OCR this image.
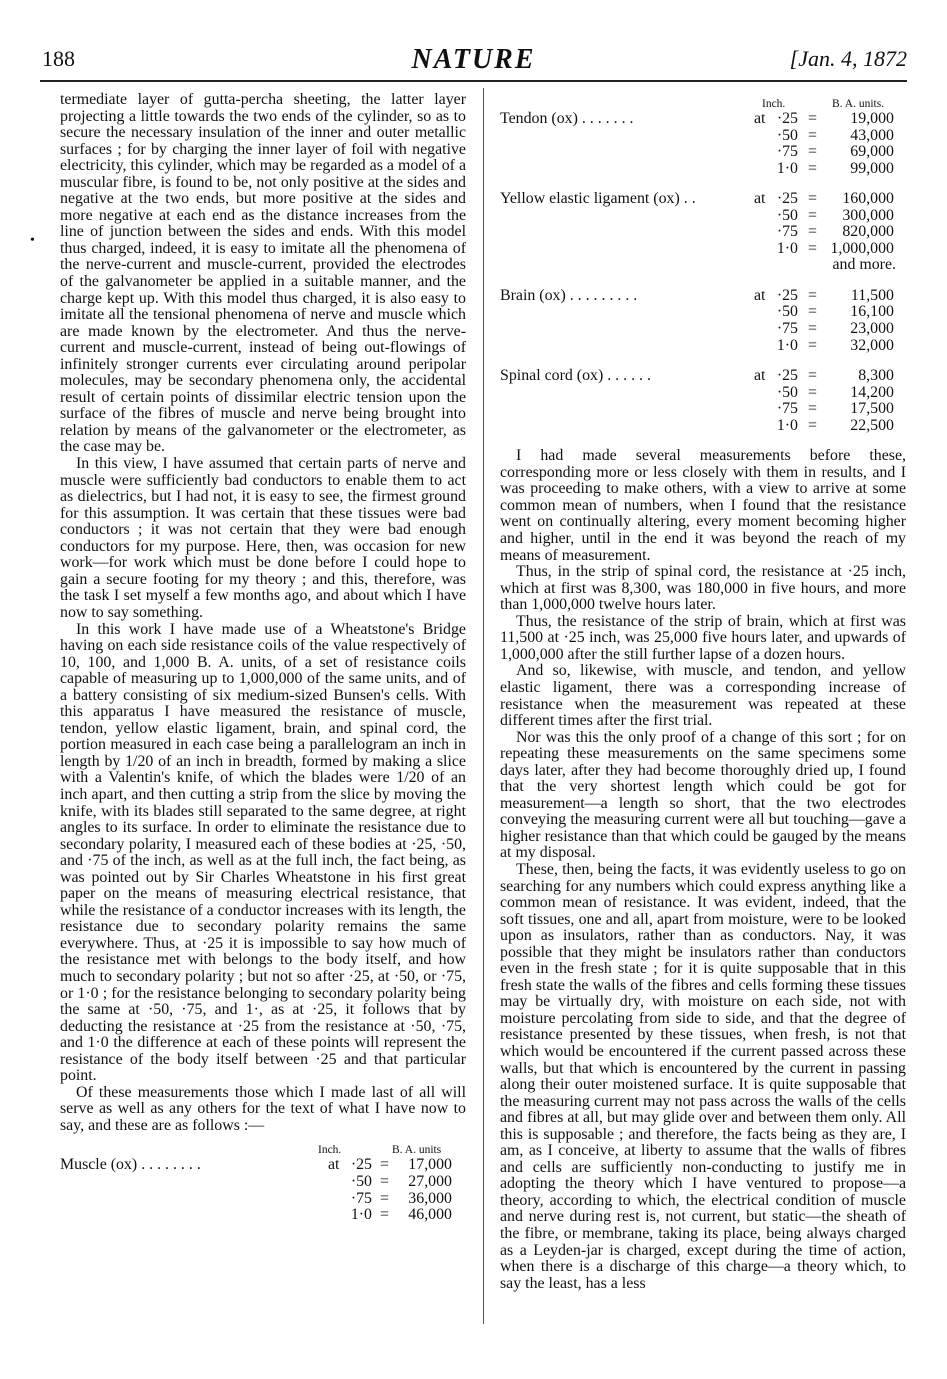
188	NATURE	[Jan. 4, 1872
•

termediate layer of gutta-percha sheeting, the latter layer projecting a little towards the two ends of the cylinder, so as to secure the necessary insulation of the inner and outer metallic surfaces ; for by charging the inner layer of foil with negative electricity, this cylinder, which may be regarded as a model of a muscular fibre, is found to be, not only positive at the sides and negative at the two ends, but more positive at the sides and more negative at each end as the distance increases from the line of junction between the sides and ends. With this model thus charged, indeed, it is easy to imitate all the phenomena of the nerve-current and muscle-current, provided the electrodes of the galvanometer be applied in a suitable manner, and the charge kept up. With this model thus charged, it is also easy to imitate all the tensional phenomena of nerve and muscle which are made known by the electrometer. And thus the nerve-current and muscle-current, instead of being out-flowings of infinitely stronger currents ever circulating around peripolar molecules, may be secondary phenomena only, the accidental result of certain points of dissimilar electric tension upon the surface of the fibres of muscle and nerve being brought into relation by means of the galvanometer or the electrometer, as the case may be.

In this view, I have assumed that certain parts of nerve and muscle were sufficiently bad conductors to enable them to act as dielectrics, but I had not, it is easy to see, the firmest ground for this assumption. It was certain that these tissues were bad conductors ; it was not certain that they were bad enough conductors for my purpose. Here, then, was occasion for new work—for work which must be done before I could hope to gain a secure footing for my theory ; and this, therefore, was the task I set myself a few months ago, and about which I have now to say something.

In this work I have made use of a Wheatstone's Bridge having on each side resistance coils of the value respectively of 10, 100, and 1,000 B. A. units, of a set of resistance coils capable of measuring up to 1,000,000 of the same units, and of a battery consisting of six medium-sized Bunsen's cells. With this apparatus I have measured the resistance of muscle, tendon, yellow elastic ligament, brain, and spinal cord, the portion measured in each case being a parallelogram an inch in length by 1/20 of an inch in breadth, formed by making a slice with a Valentin's knife, of which the blades were 1/20 of an inch apart, and then cutting a strip from the slice by moving the knife, with its blades still separated to the same degree, at right angles to its surface. In order to eliminate the resistance due to secondary polarity, I measured each of these bodies at ·25, ·50, and ·75 of the inch, as well as at the full inch, the fact being, as was pointed out by Sir Charles Wheatstone in his first great paper on the means of measuring electrical resistance, that while the resistance of a conductor increases with its length, the resistance due to secondary polarity remains the same everywhere. Thus, at ·25 it is impossible to say how much of the resistance met with belongs to the body itself, and how much to secondary polarity ; but not so after ·25, at ·50, or ·75, or 1·0 ; for the resistance belonging to secondary polarity being the same at ·50, ·75, and 1·, as at ·25, it follows that by deducting the resistance at ·25 from the resistance at ·50, ·75, and 1·0 the difference at each of these points will represent the resistance of the body itself between ·25 and that particular point.

Of these measurements those which I made last of all will serve as well as any others for the text of what I have now to say, and these are as follows :—

Inch.	B. A. units
Muscle (ox) . . . . . . . .	at ·25 =	17,000
·50 =	27,000
·75 =	36,000
1·0 =	46,000
Inch.	B. A. units.
Tendon (ox) . . . . . . .	at ·25 =	19,000
·50 =	43,000
·75 =	69,000
1·0 =	99,000
Yellow elastic ligament (ox) . .	at ·25 =	160,000
·50 =	300,000
·75 =	820,000
1·0 = 1,000,000
and more.
Brain (ox) . . . . . . . . .	at ·25 =	11,500
·50 =	16,100
·75 =	23,000
1·0 =	32,000
Spinal cord (ox) . . . . . .	at ·25 =	8,300
·50 =	14,200
·75 =	17,500
1·0 =	22,500

I had made several measurements before these, corresponding more or less closely with them in results, and I was proceeding to make others, with a view to arrive at some common mean of numbers, when I found that the resistance went on continually altering, every moment becoming higher and higher, until in the end it was beyond the reach of my means of measurement.

Thus, in the strip of spinal cord, the resistance at ·25 inch, which at first was 8,300, was 180,000 in five hours, and more than 1,000,000 twelve hours later.

Thus, the resistance of the strip of brain, which at first was 11,500 at ·25 inch, was 25,000 five hours later, and upwards of 1,000,000 after the still further lapse of a dozen hours.

And so, likewise, with muscle, and tendon, and yellow elastic ligament, there was a corresponding increase of resistance when the measurement was repeated at these different times after the first trial.

Nor was this the only proof of a change of this sort ; for on repeating these measurements on the same specimens some days later, after they had become thoroughly dried up, I found that the very shortest length which could be got for measurement—a length so short, that the two electrodes conveying the measuring current were all but touching—gave a higher resistance than that which could be gauged by the means at my disposal.

These, then, being the facts, it was evidently useless to go on searching for any numbers which could express anything like a common mean of resistance. It was evident, indeed, that the soft tissues, one and all, apart from moisture, were to be looked upon as insulators, rather than as conductors. Nay, it was possible that they might be insulators rather than conductors even in the fresh state ; for it is quite supposable that in this fresh state the walls of the fibres and cells forming these tissues may be virtually dry, with moisture on each side, not with moisture percolating from side to side, and that the degree of resistance presented by these tissues, when fresh, is not that which would be encountered if the current passed across these walls, but that which is encountered by the current in passing along their outer moistened surface. It is quite supposable that the measuring current may not pass across the walls of the cells and fibres at all, but may glide over and between them only. All this is supposable ; and therefore, the facts being as they are, I am, as I conceive, at liberty to assume that the walls of fibres and cells are sufficiently non-conducting to justify me in adopting the theory which I have ventured to propose—a theory, according to which, the electrical condition of muscle and nerve during rest is, not current, but static—the sheath of the fibre, or membrane, taking its place, being always charged as a Leyden-jar is charged, except during the time of action, when there is a discharge of this charge—a theory which, to say the least, has a less
